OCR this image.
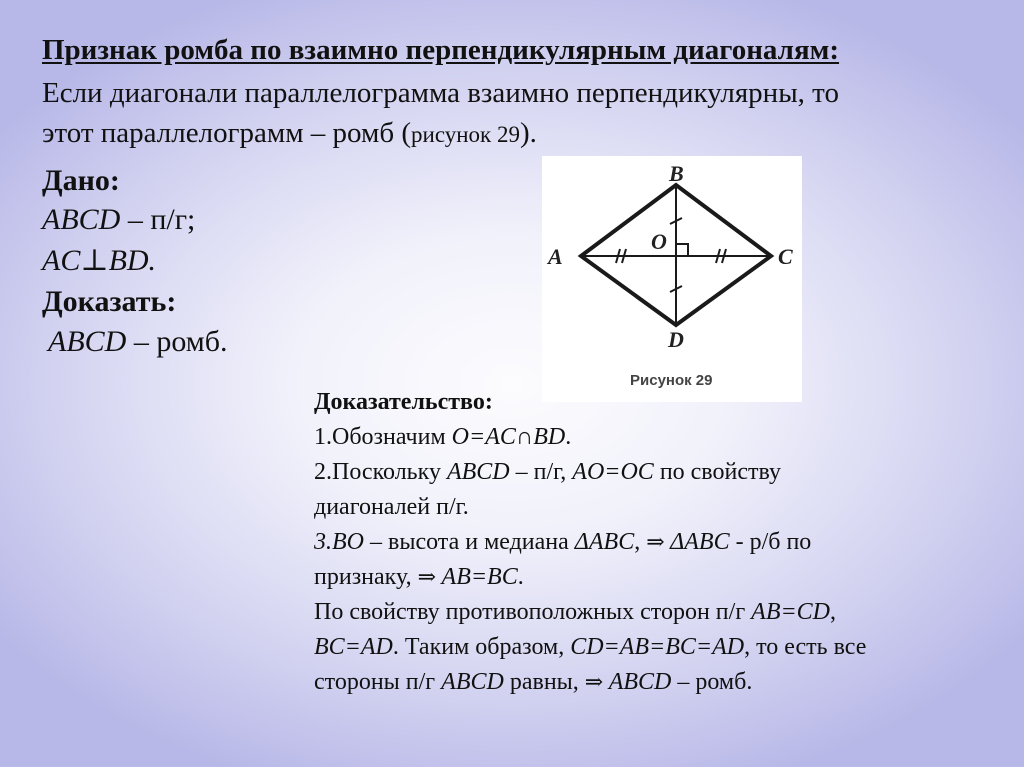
Признак ромба по взаимно перпендикулярным диагоналям:
Если диагонали параллелограмма взаимно перпендикулярны, то
этот параллелограмм – ромб (рисунок 29).
Дано:
ABCD – п/г;
AC⊥BD.
Доказать:
ABCD – ромб.
A
B
C
D
O
Рисунок 29
Доказательство:
1.Обозначим O=AC∩BD.
2.Поскольку ABCD – п/г, AO=OC по свойству
диагоналей п/г.
3.BO – высота и медиана ΔABC, ⇒ ΔABC - р/б по
признаку, ⇒ AB=BC.
По свойству противоположных сторон п/г AB=CD,
BC=AD. Таким образом, CD=AB=BC=AD, то есть все
стороны п/г ABCD равны, ⇒ ABCD – ромб.
